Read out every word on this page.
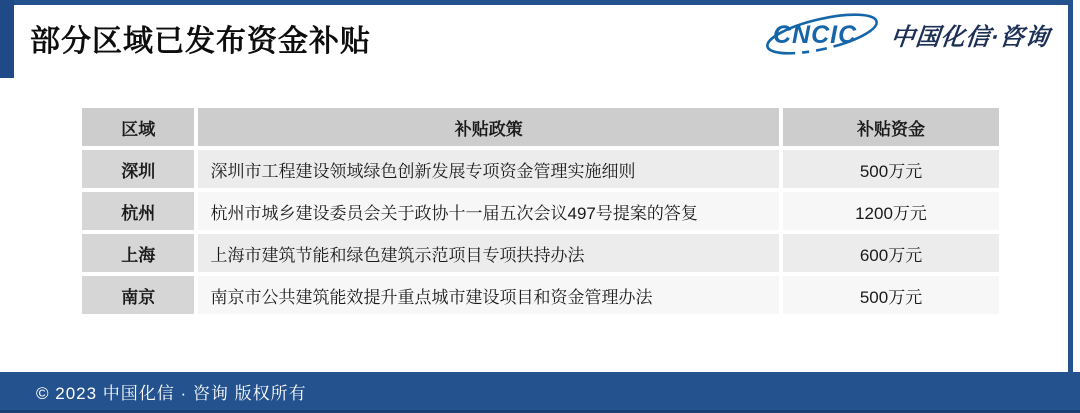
部分区域已发布资金补贴	CNCIC 中国化信·咨询
区域	补贴政策	补贴资金
深圳	深圳市工程建设领域绿色创新发展专项资金管理实施细则	500万元
杭州	杭州市城乡建设委员会关于政协十一届五次会议497号提案的答复	1200万元
上海	上海市建筑节能和绿色建筑示范项目专项扶持办法	600万元
南京	南京市公共建筑能效提升重点城市建设项目和资金管理办法	500万元
© 2023 中国化信 · 咨询 版权所有
